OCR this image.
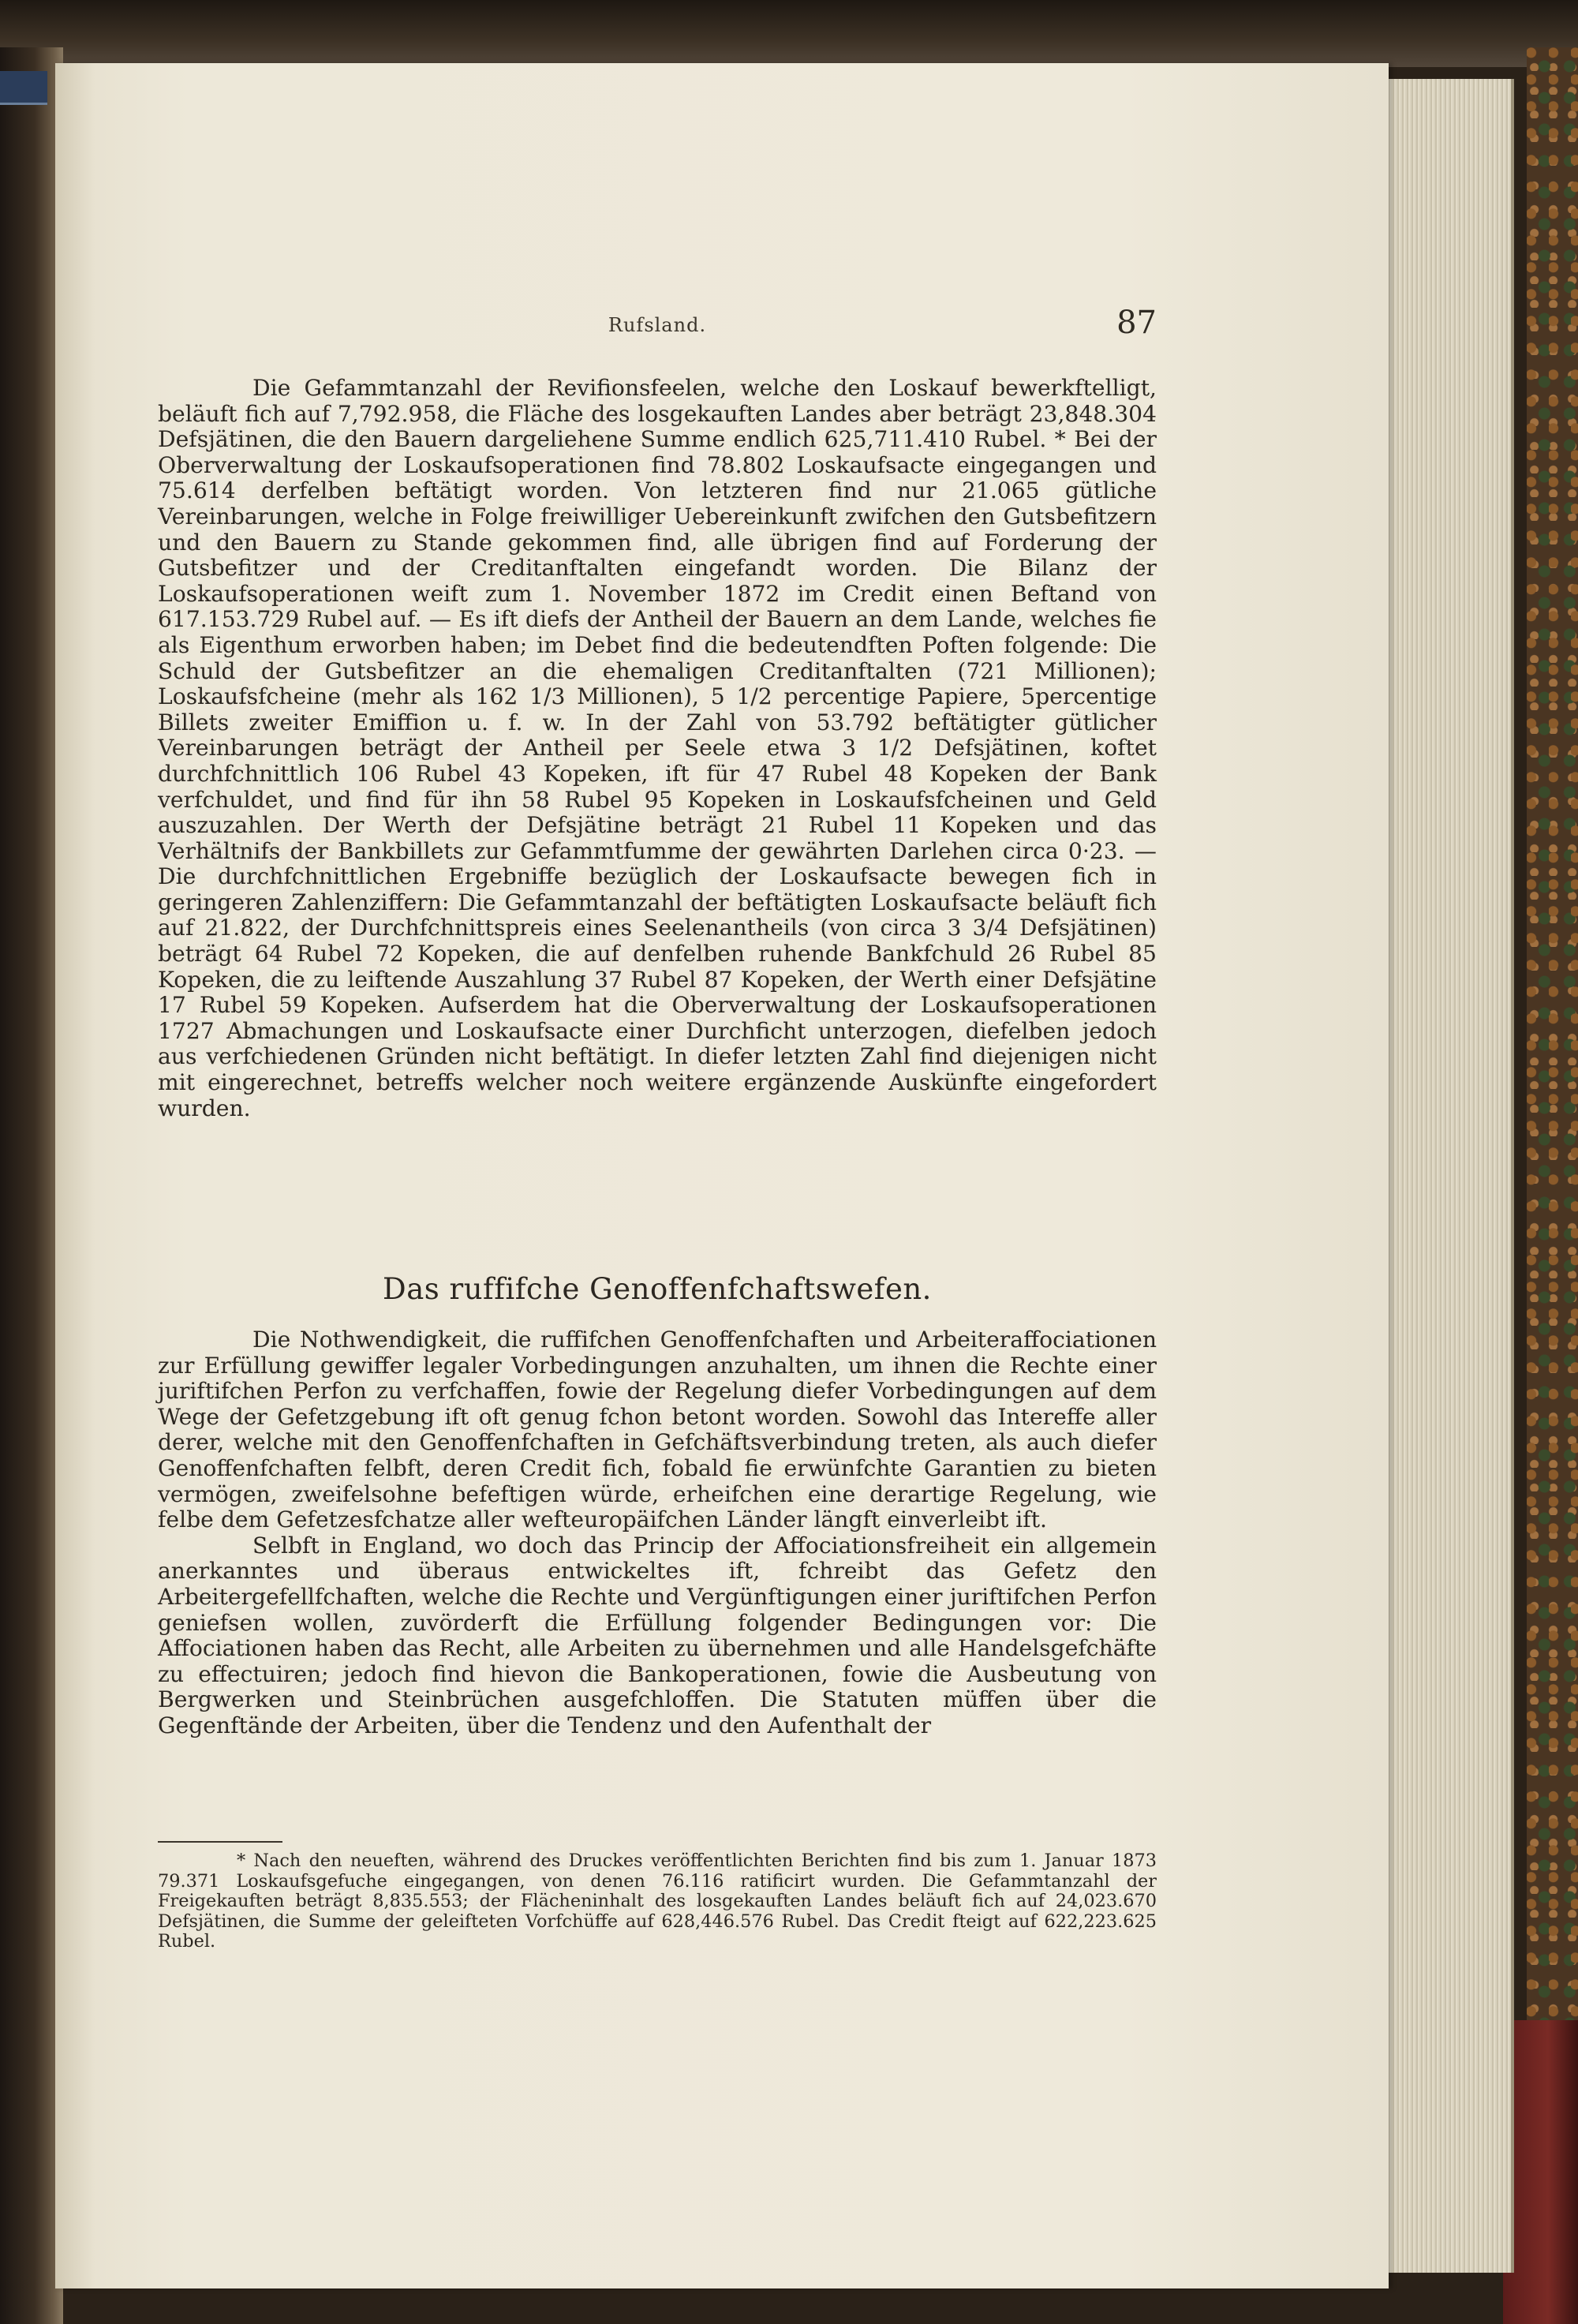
Rufsland.	87

Die Gefammtanzahl der Revifionsfeelen, welche den Loskauf bewerkftelligt, beläuft fich auf 7,792.958, die Fläche des losgekauften Landes aber beträgt 23,848.304 Defsjätinen, die den Bauern dargeliehene Summe endlich 625,711.410 Rubel. * Bei der Oberverwaltung der Loskaufsoperationen find 78.802 Loskaufsacte eingegangen und 75.614 derfelben beftätigt worden. Von letzteren find nur 21.065 gütliche Vereinbarungen, welche in Folge freiwilliger Uebereinkunft zwifchen den Gutsbefitzern und den Bauern zu Stande gekommen find, alle übrigen find auf Forderung der Gutsbefitzer und der Creditanftalten eingefandt worden. Die Bilanz der Loskaufsoperationen weift zum 1. November 1872 im Credit einen Beftand von 617.153.729 Rubel auf. — Es ift diefs der Antheil der Bauern an dem Lande, welches fie als Eigenthum erworben haben; im Debet find die bedeutendften Poften folgende: Die Schuld der Gutsbefitzer an die ehemaligen Creditanftalten (721 Millionen); Loskaufsfcheine (mehr als 162 1/3 Millionen), 5 1/2 percentige Papiere, 5percentige Billets zweiter Emiffion u. f. w. In der Zahl von 53.792 beftätigter gütlicher Vereinbarungen beträgt der Antheil per Seele etwa 3 1/2 Defsjätinen, koftet durchfchnittlich 106 Rubel 43 Kopeken, ift für 47 Rubel 48 Kopeken der Bank verfchuldet, und find für ihn 58 Rubel 95 Kopeken in Loskaufsfcheinen und Geld auszuzahlen. Der Werth der Defsjätine beträgt 21 Rubel 11 Kopeken und das Verhältnifs der Bankbillets zur Gefammtfumme der gewährten Darlehen circa 0·23. — Die durchfchnittlichen Ergebniffe bezüglich der Loskaufsacte bewegen fich in geringeren Zahlenziffern: Die Gefammtanzahl der beftätigten Loskaufsacte beläuft fich auf 21.822, der Durchfchnittspreis eines Seelenantheils (von circa 3 3/4 Defsjätinen) beträgt 64 Rubel 72 Kopeken, die auf denfelben ruhende Bankfchuld 26 Rubel 85 Kopeken, die zu leiftende Auszahlung 37 Rubel 87 Kopeken, der Werth einer Defsjätine 17 Rubel 59 Kopeken. Aufserdem hat die Oberverwaltung der Loskaufsoperationen 1727 Abmachungen und Loskaufsacte einer Durchficht unterzogen, diefelben jedoch aus verfchiedenen Gründen nicht beftätigt. In diefer letzten Zahl find diejenigen nicht mit eingerechnet, betreffs welcher noch weitere ergänzende Auskünfte eingefordert wurden.

Das ruffifche Genoffenfchaftswefen.

Die Nothwendigkeit, die ruffifchen Genoffenfchaften und Arbeiteraffociationen zur Erfüllung gewiffer legaler Vorbedingungen anzuhalten, um ihnen die Rechte einer juriftifchen Perfon zu verfchaffen, fowie der Regelung diefer Vorbedingungen auf dem Wege der Gefetzgebung ift oft genug fchon betont worden. Sowohl das Intereffe aller derer, welche mit den Genoffenfchaften in Gefchäftsverbindung treten, als auch diefer Genoffenfchaften felbft, deren Credit fich, fobald fie erwünfchte Garantien zu bieten vermögen, zweifelsohne befeftigen würde, erheifchen eine derartige Regelung, wie felbe dem Gefetzesfchatze aller wefteuropäifchen Länder längft einverleibt ift.

Selbft in England, wo doch das Princip der Affociationsfreiheit ein allgemein anerkanntes und überaus entwickeltes ift, fchreibt das Gefetz den Arbeitergefellfchaften, welche die Rechte und Vergünftigungen einer juriftifchen Perfon geniefsen wollen, zuvörderft die Erfüllung folgender Bedingungen vor: Die Affociationen haben das Recht, alle Arbeiten zu übernehmen und alle Handelsgefchäfte zu effectuiren; jedoch find hievon die Bankoperationen, fowie die Ausbeutung von Bergwerken und Steinbrüchen ausgefchloffen. Die Statuten müffen über die Gegenftände der Arbeiten, über die Tendenz und den Aufenthalt der

* Nach den neueften, während des Druckes veröffentlichten Berichten find bis zum 1. Januar 1873 79.371 Loskaufsgefuche eingegangen, von denen 76.116 ratificirt wurden. Die Gefammtanzahl der Freigekauften beträgt 8,835.553; der Flächeninhalt des losgekauften Landes beläuft fich auf 24,023.670 Defsjätinen, die Summe der geleifteten Vorfchüffe auf 628,446.576 Rubel. Das Credit fteigt auf 622,223.625 Rubel.
